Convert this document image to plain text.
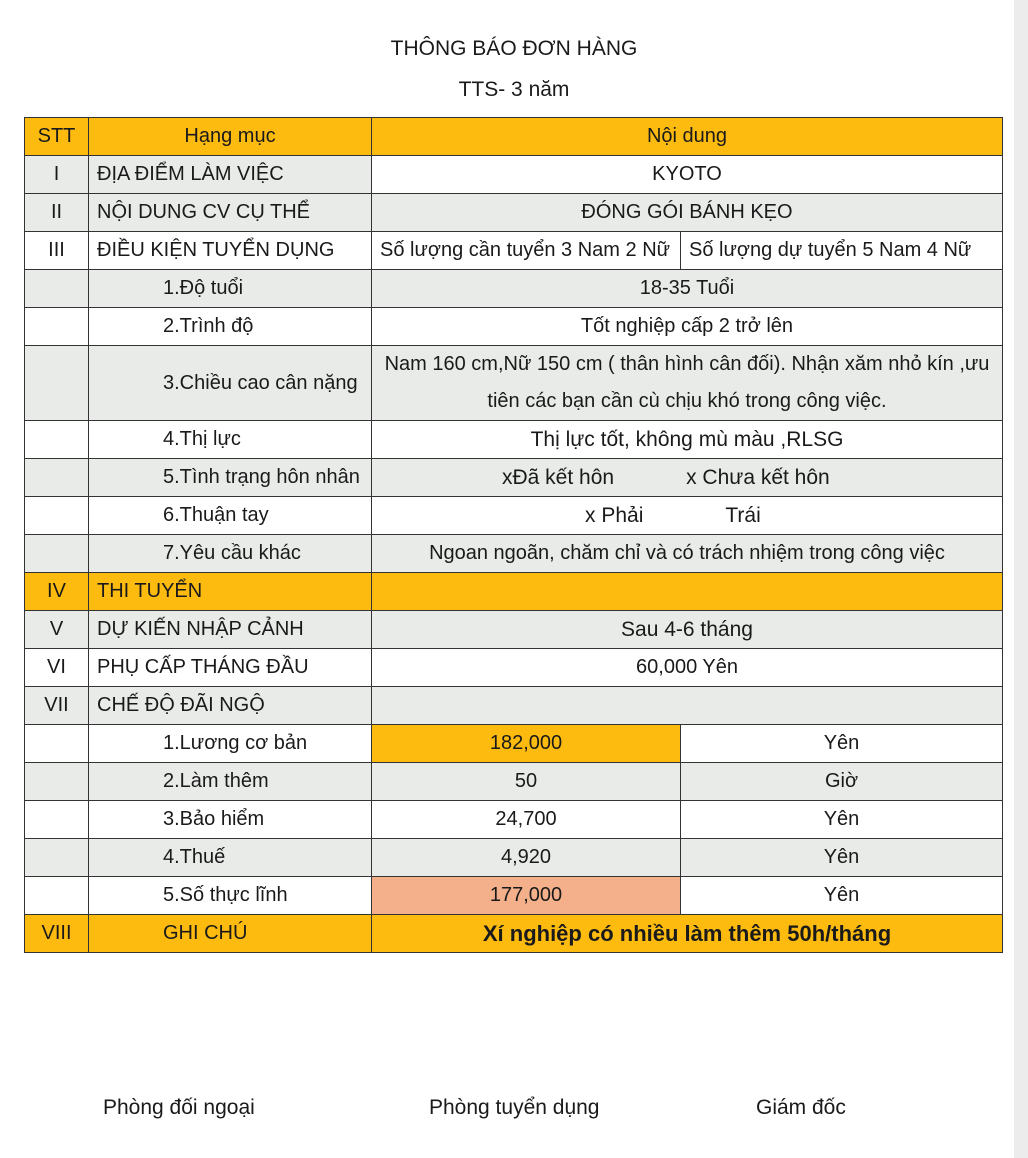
THÔNG BÁO ĐƠN HÀNG
TTS- 3 năm
STT	Hạng mục	Nội dung	
I	ĐỊA ĐIỂM LÀM VIỆC	KYOTO	
II	NỘI DUNG CV CỤ THỂ	ĐÓNG GÓI BÁNH KẸO	
III	ĐIỀU KIỆN TUYỂN DỤNG	Số lượng cần tuyển 3 Nam 2 Nữ	Số lượng dự tuyển 5 Nam 4 Nữ
	1.Độ tuổi	18-35 Tuổi	
	2.Trình độ	Tốt nghiệp cấp 2 trở lên	
	3.Chiều cao cân nặng	Nam 160 cm,Nữ 150 cm ( thân hình cân đối). Nhận xăm nhỏ kín ,ưu tiên các bạn cần cù chịu khó trong công việc.	
	4.Thị lực	Thị lực tốt, không mù màu ,RLSG	
	5.Tình trạng hôn nhân	xĐã kết hôn x Chưa kết hôn	
	6.Thuận tay	x Phải Trái	
	7.Yêu cầu khác	Ngoan ngoãn, chăm chỉ và có trách nhiệm trong công việc	
IV	THI TUYỂN		
V	DỰ KIẾN NHẬP CẢNH	Sau 4-6 tháng	
VI	PHỤ CẤP THÁNG ĐẦU	60,000 Yên	
VII	CHẾ ĐỘ ĐÃI NGỘ		
	1.Lương cơ bản	182,000	Yên
	2.Làm thêm	50	Giờ
	3.Bảo hiểm	24,700	Yên
	4.Thuế	4,920	Yên
	5.Số thực lĩnh	177,000	Yên
VIII	GHI CHÚ	Xí nghiệp có nhiều làm thêm 50h/tháng	
Phòng đối ngoại	Phòng tuyển dụng	Giám đốc
